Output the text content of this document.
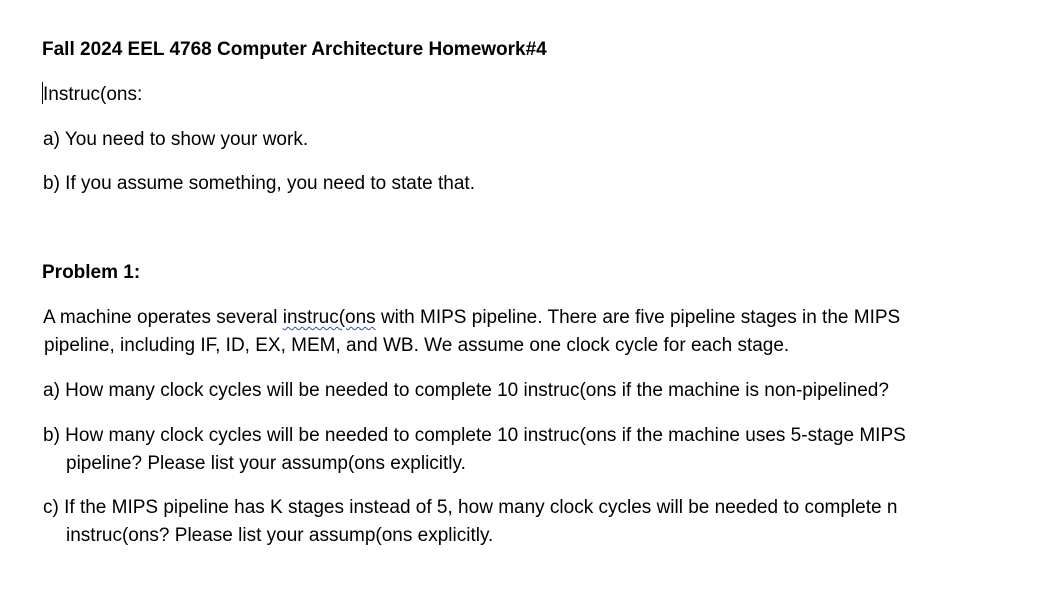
Fall 2024 EEL 4768 Computer Architecture Homework#4
Instruc(ons:
a) You need to show your work.
b) If you assume something, you need to state that.
Problem 1:
A machine operates several instruc(ons with MIPS pipeline. There are five pipeline stages in the MIPS
pipeline, including IF, ID, EX, MEM, and WB. We assume one clock cycle for each stage.
a) How many clock cycles will be needed to complete 10 instruc(ons if the machine is non-pipelined?
b) How many clock cycles will be needed to complete 10 instruc(ons if the machine uses 5-stage MIPS
pipeline? Please list your assump(ons explicitly.
c) If the MIPS pipeline has K stages instead of 5, how many clock cycles will be needed to complete n
instruc(ons? Please list your assump(ons explicitly.
